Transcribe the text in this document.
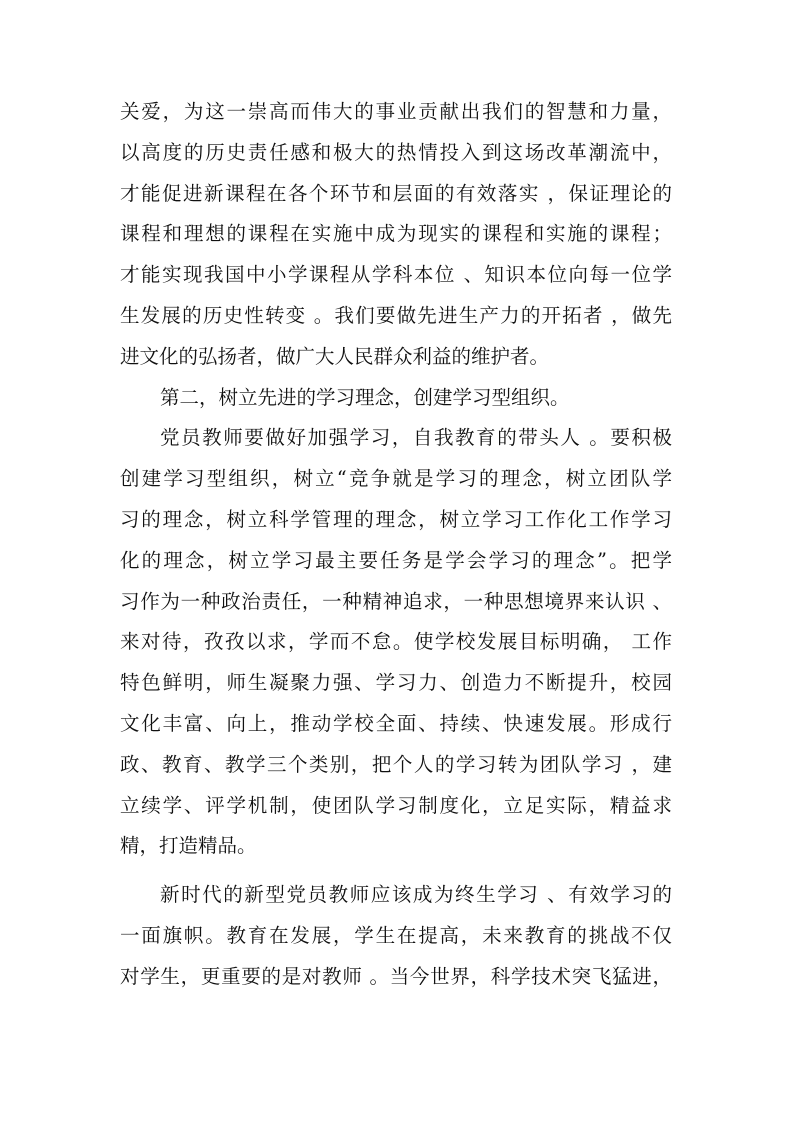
关爱，为这一崇高而伟大的事业贡献出我们的智慧和力量，
以高度的历史责任感和极大的热情投入到这场改革潮流中，
才能促进新课程在各个环节和层面的有效落实 ，保证理论的
课程和理想的课程在实施中成为现实的课程和实施的课程；
才能实现我国中小学课程从学科本位 、知识本位向每一位学
生发展的历史性转变 。我们要做先进生产力的开拓者 ，做先
进文化的弘扬者，做广大人民群众利益的维护者。
第二，树立先进的学习理念，创建学习型组织。
党员教师要做好加强学习，自我教育的带头人 。要积极
创建学习型组织，树立“竞争就是学习的理念，树立团队学
习的理念，树立科学管理的理念，树立学习工作化工作学习
化的理念，树立学习最主要任务是学会学习的理念”。把学
习作为一种政治责任，一种精神追求，一种思想境界来认识 、
来对待，孜孜以求，学而不怠。使学校发展目标明确， 工作
特色鲜明，师生凝聚力强、学习力、创造力不断提升，校园
文化丰富、向上，推动学校全面、持续、快速发展。形成行
政、教育、教学三个类别，把个人的学习转为团队学习 ，建
立续学、评学机制，使团队学习制度化，立足实际，精益求
精，打造精品。
新时代的新型党员教师应该成为终生学习 、有效学习的
一面旗帜。教育在发展，学生在提高，未来教育的挑战不仅
对学生，更重要的是对教师 。当今世界，科学技术突飞猛进，
